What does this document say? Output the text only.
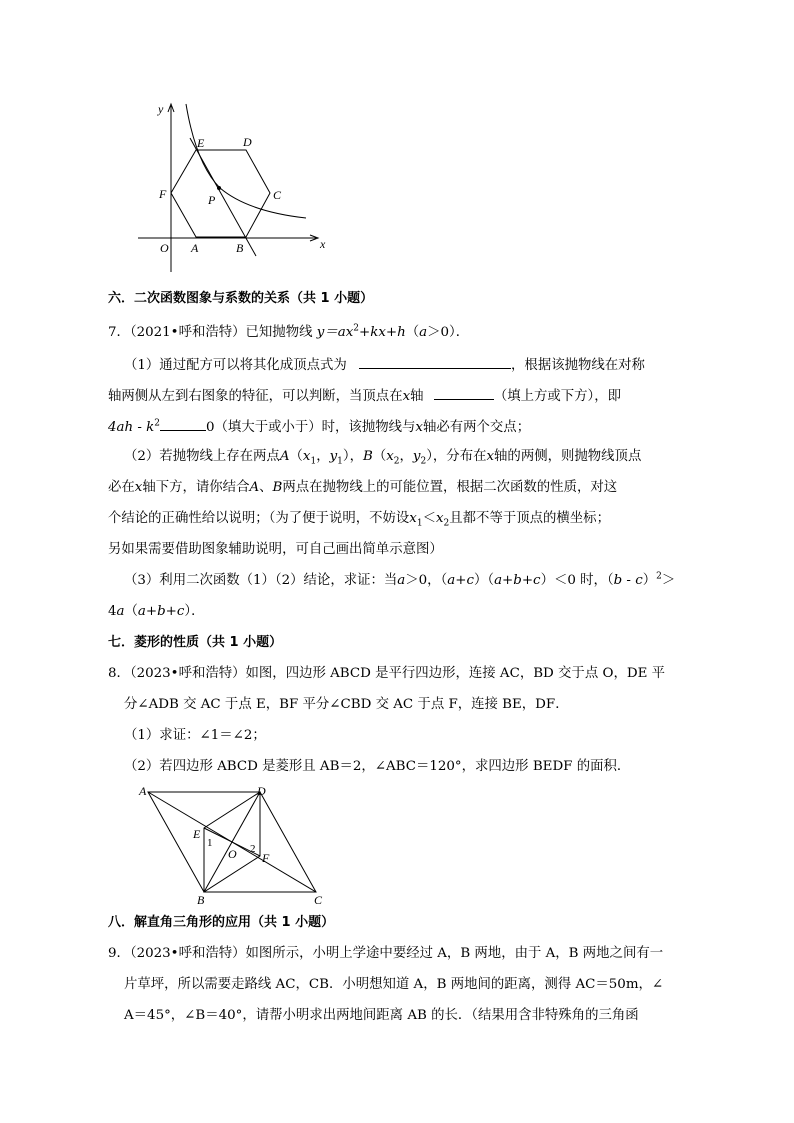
y
x
O A	B
C
D
E
F	P
六．二次函数图象与系数的关系（共 1 小题）
7．（2021•呼和浩特）已知抛物线 $y=ax^2+kx+h(a>0)$．
（1）通过配方可以将其化成顶点式为	，根据该抛物线在对称
轴两侧从左到右图象的特征，可以判断，当顶点在x轴	（填上方或下方），即
$4ah - k^2$	0（填大于或小于）时，该抛物线与x轴必有两个交点；
（2）若抛物线上存在两点$A(x_1$，$y_1$），$B(x_2$，$y_2$），分布在x轴的两侧，则抛物线顶点
必在x轴下方，请你结合A、B两点在抛物线上的可能位置，根据二次函数的性质，对这
个结论的正确性给以说明；（为了便于说明，不妨设$x_1<x_2$且都不等于顶点的横坐标；
另如果需要借助图象辅助说明，可自己画出简单示意图）
（3）利用二次函数（1）（2）结论，求证：当a＞0，（a+c）（a+b+c）＜0 时，（b - c）$^2$＞
4a（a+b+c）．
七．菱形的性质（共 1 小题）
8．（2023•呼和浩特）如图，四边形 ABCD 是平行四边形，连接 AC，BD 交于点 O，DE 平
分∠ADB 交 AC 于点 E，BF 平分∠CBD 交 AC 于点 F，连接 BE，DF．
（1）求证：∠1＝∠2；
（2）若四边形 ABCD 是菱形且 AB＝2，∠ABC＝120°，求四边形 BEDF 的面积．
A	D
B	C
E
F
O
1	2
八．解直角三角形的应用（共 1 小题）
9．（2023•呼和浩特）如图所示，小明上学途中要经过 A，B 两地，由于 A，B 两地之间有一
片草坪，所以需要走路线 AC，CB．小明想知道 A，B 两地间的距离，测得 AC＝50m，∠
A＝45°，∠B＝40°，请帮小明求出两地间距离 AB 的长．（结果用含非特殊角的三角函
